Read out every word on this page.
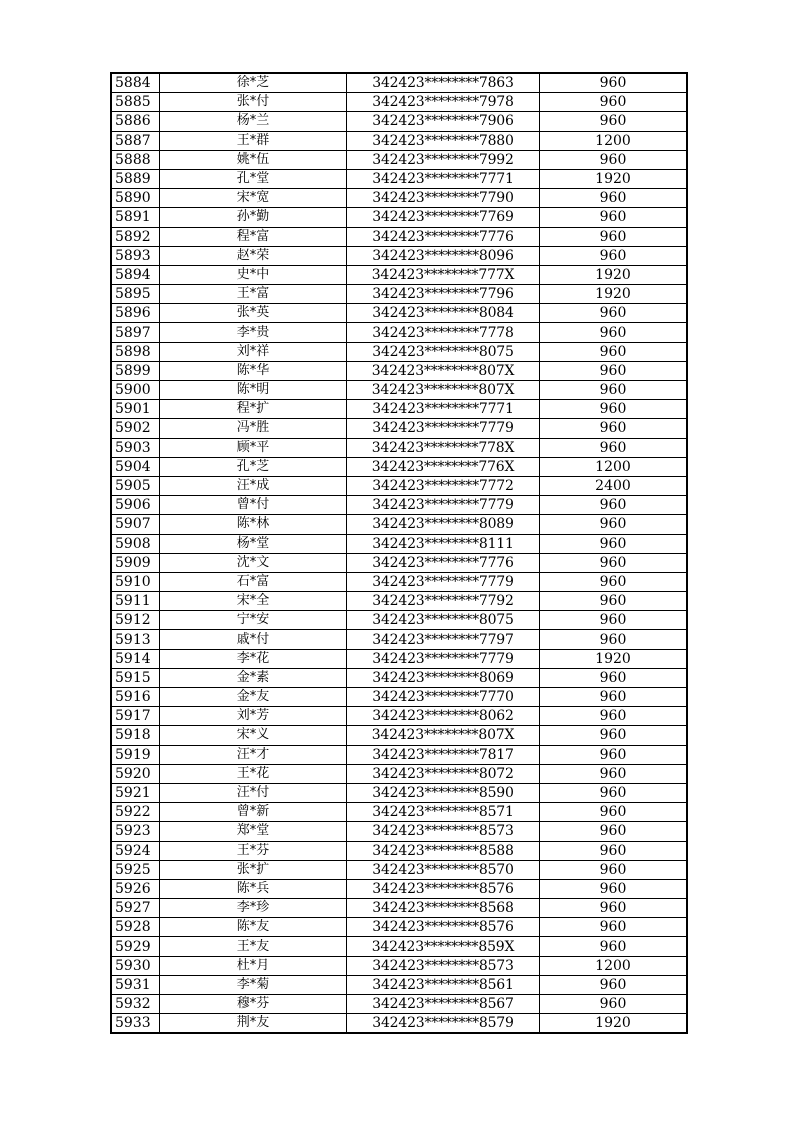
5884	徐*芝	342423********7863	960
5885	张*付	342423********7978	960
5886	杨*兰	342423********7906	960
5887	王*群	342423********7880	1200
5888	姚*伍	342423********7992	960
5889	孔*堂	342423********7771	1920
5890	宋*宽	342423********7790	960
5891	孙*勤	342423********7769	960
5892	程*富	342423********7776	960
5893	赵*荣	342423********8096	960
5894	史*中	342423********777X	1920
5895	王*富	342423********7796	1920
5896	张*英	342423********8084	960
5897	李*贵	342423********7778	960
5898	刘*祥	342423********8075	960
5899	陈*华	342423********807X	960
5900	陈*明	342423********807X	960
5901	程*扩	342423********7771	960
5902	冯*胜	342423********7779	960
5903	顾*平	342423********778X	960
5904	孔*芝	342423********776X	1200
5905	汪*成	342423********7772	2400
5906	曾*付	342423********7779	960
5907	陈*林	342423********8089	960
5908	杨*堂	342423********8111	960
5909	沈*文	342423********7776	960
5910	石*富	342423********7779	960
5911	宋*全	342423********7792	960
5912	宁*安	342423********8075	960
5913	戚*付	342423********7797	960
5914	李*花	342423********7779	1920
5915	金*素	342423********8069	960
5916	金*友	342423********7770	960
5917	刘*芳	342423********8062	960
5918	宋*义	342423********807X	960
5919	汪*才	342423********7817	960
5920	王*花	342423********8072	960
5921	汪*付	342423********8590	960
5922	曾*新	342423********8571	960
5923	郑*堂	342423********8573	960
5924	王*芬	342423********8588	960
5925	张*扩	342423********8570	960
5926	陈*兵	342423********8576	960
5927	李*珍	342423********8568	960
5928	陈*友	342423********8576	960
5929	王*友	342423********859X	960
5930	杜*月	342423********8573	1200
5931	李*菊	342423********8561	960
5932	穆*芬	342423********8567	960
5933	荆*友	342423********8579	1920
